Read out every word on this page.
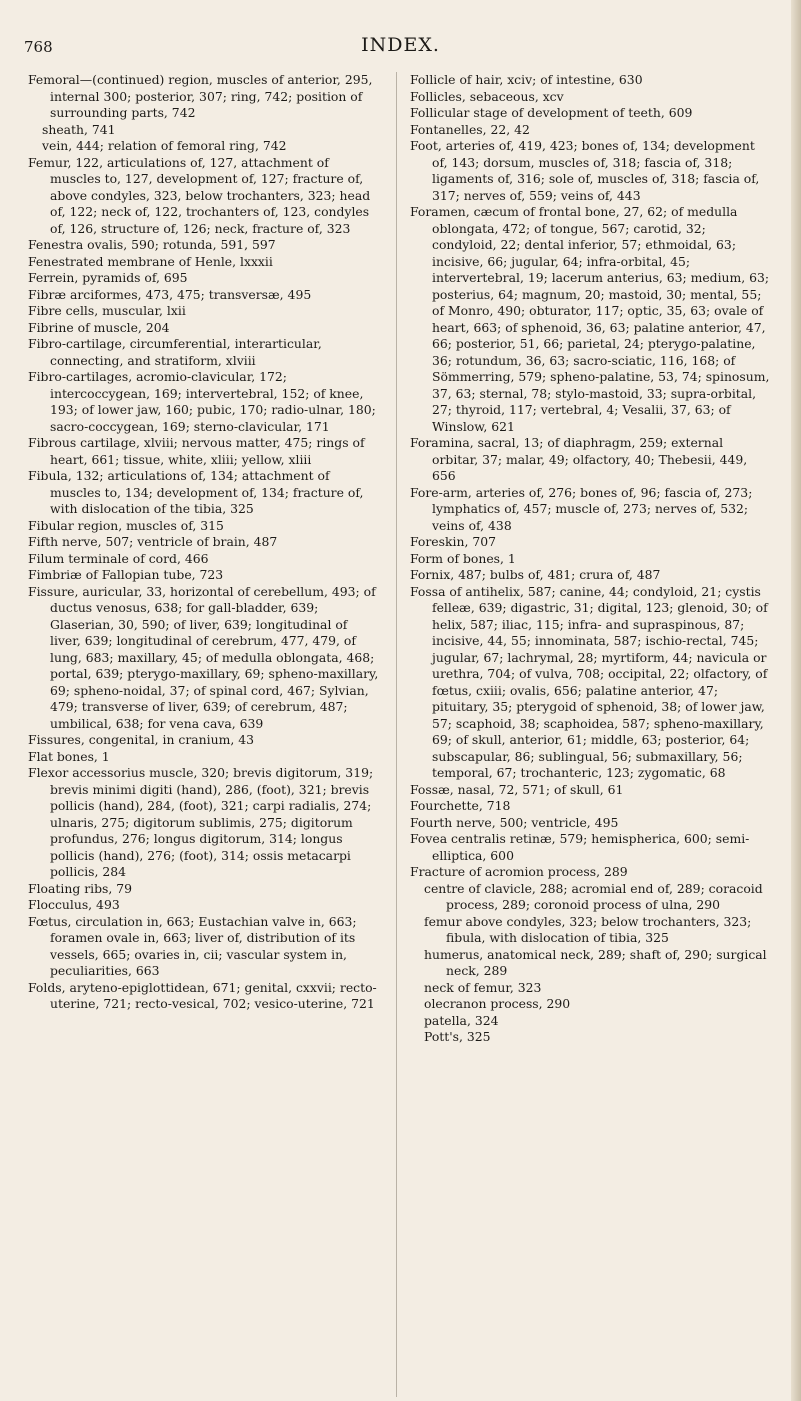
768	INDEX.

Femoral—(continued) region, muscles of anterior, 295, internal 300; posterior, 307; ring, 742; position of surrounding parts, 742

sheath, 741

vein, 444; relation of femoral ring, 742

Femur, 122, articulations of, 127, attachment of muscles to, 127, development of, 127; fracture of, above condyles, 323, below trochanters, 323; head of, 122; neck of, 122, trochanters of, 123, condyles of, 126, structure of, 126; neck, fracture of, 323

Fenestra ovalis, 590; rotunda, 591, 597

Fenestrated membrane of Henle, lxxxii

Ferrein, pyramids of, 695

Fibræ arciformes, 473, 475; transversæ, 495

Fibre cells, muscular, lxii

Fibrine of muscle, 204

Fibro-cartilage, circumferential, interarticular, connecting, and stratiform, xlviii

Fibro-cartilages, acromio-clavicular, 172; intercoccygean, 169; intervertebral, 152; of knee, 193; of lower jaw, 160; pubic, 170; radio-ulnar, 180; sacro-coccygean, 169; sterno-clavicular, 171

Fibrous cartilage, xlviii; nervous matter, 475; rings of heart, 661; tissue, white, xliii; yellow, xliii

Fibula, 132; articulations of, 134; attachment of muscles to, 134; development of, 134; fracture of, with dislocation of the tibia, 325

Fibular region, muscles of, 315

Fifth nerve, 507; ventricle of brain, 487

Filum terminale of cord, 466

Fimbriæ of Fallopian tube, 723

Fissure, auricular, 33, horizontal of cerebellum, 493; of ductus venosus, 638; for gall-bladder, 639; Glaserian, 30, 590; of liver, 639; longitudinal of liver, 639; longitudinal of cerebrum, 477, 479, of lung, 683; maxillary, 45; of medulla oblongata, 468; portal, 639; pterygo-maxillary, 69; spheno-maxillary, 69; spheno-noidal, 37; of spinal cord, 467; Sylvian, 479; transverse of liver, 639; of cerebrum, 487; umbilical, 638; for vena cava, 639

Fissures, congenital, in cranium, 43

Flat bones, 1

Flexor accessorius muscle, 320; brevis digitorum, 319; brevis minimi digiti (hand), 286, (foot), 321; brevis pollicis (hand), 284, (foot), 321; carpi radialis, 274; ulnaris, 275; digitorum sublimis, 275; digitorum profundus, 276; longus digitorum, 314; longus pollicis (hand), 276; (foot), 314; ossis metacarpi pollicis, 284

Floating ribs, 79

Flocculus, 493

Fœtus, circulation in, 663; Eustachian valve in, 663; foramen ovale in, 663; liver of, distribution of its vessels, 665; ovaries in, cii; vascular system in, peculiarities, 663

Folds, aryteno-epiglottidean, 671; genital, cxxvii; recto-uterine, 721; recto-vesical, 702; vesico-uterine, 721

Follicle of hair, xciv; of intestine, 630

Follicles, sebaceous, xcv

Follicular stage of development of teeth, 609

Fontanelles, 22, 42

Foot, arteries of, 419, 423; bones of, 134; development of, 143; dorsum, muscles of, 318; fascia of, 318; ligaments of, 316; sole of, muscles of, 318; fascia of, 317; nerves of, 559; veins of, 443

Foramen, cæcum of frontal bone, 27, 62; of medulla oblongata, 472; of tongue, 567; carotid, 32; condyloid, 22; dental inferior, 57; ethmoidal, 63; incisive, 66; jugular, 64; infra-orbital, 45; intervertebral, 19; lacerum anterius, 63; medium, 63; posterius, 64; magnum, 20; mastoid, 30; mental, 55; of Monro, 490; obturator, 117; optic, 35, 63; ovale of heart, 663; of sphenoid, 36, 63; palatine anterior, 47, 66; posterior, 51, 66; parietal, 24; pterygo-palatine, 36; rotundum, 36, 63; sacro-sciatic, 116, 168; of Sömmerring, 579; spheno-palatine, 53, 74; spinosum, 37, 63; sternal, 78; stylo-mastoid, 33; supra-orbital, 27; thyroid, 117; vertebral, 4; Vesalii, 37, 63; of Winslow, 621

Foramina, sacral, 13; of diaphragm, 259; external orbitar, 37; malar, 49; olfactory, 40; Thebesii, 449, 656

Fore-arm, arteries of, 276; bones of, 96; fascia of, 273; lymphatics of, 457; muscle of, 273; nerves of, 532; veins of, 438

Foreskin, 707

Form of bones, 1

Fornix, 487; bulbs of, 481; crura of, 487

Fossa of antihelix, 587; canine, 44; condyloid, 21; cystis felleæ, 639; digastric, 31; digital, 123; glenoid, 30; of helix, 587; iliac, 115; infra- and supraspinous, 87; incisive, 44, 55; innominata, 587; ischio-rectal, 745; jugular, 67; lachrymal, 28; myrtiform, 44; navicula or urethra, 704; of vulva, 708; occipital, 22; olfactory, of fœtus, cxiii; ovalis, 656; palatine anterior, 47; pituitary, 35; pterygoid of sphenoid, 38; of lower jaw, 57; scaphoid, 38; scaphoidea, 587; spheno-maxillary, 69; of skull, anterior, 61; middle, 63; posterior, 64; subscapular, 86; sublingual, 56; submaxillary, 56; temporal, 67; trochanteric, 123; zygomatic, 68

Fossæ, nasal, 72, 571; of skull, 61

Fourchette, 718

Fourth nerve, 500; ventricle, 495

Fovea centralis retinæ, 579; hemispherica, 600; semi-elliptica, 600

Fracture of acromion process, 289

centre of clavicle, 288; acromial end of, 289; coracoid process, 289; coronoid process of ulna, 290

femur above condyles, 323; below trochanters, 323; fibula, with dislocation of tibia, 325

humerus, anatomical neck, 289; shaft of, 290; surgical neck, 289

neck of femur, 323

olecranon process, 290

patella, 324

Pott's, 325
